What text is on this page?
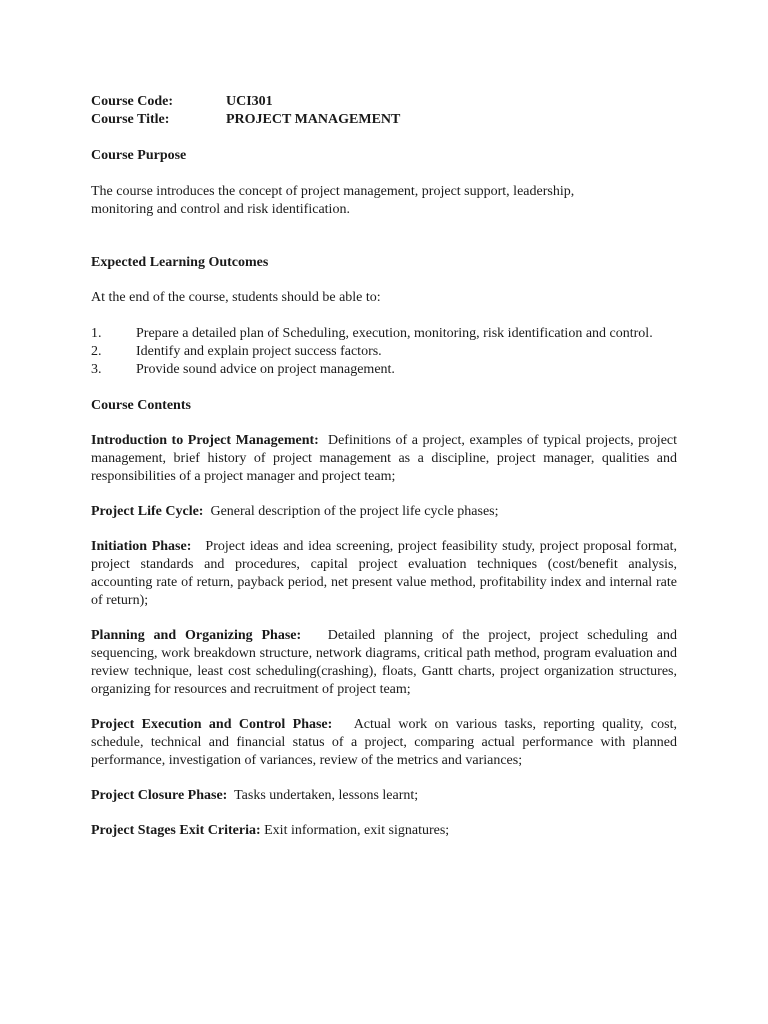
Course Code:	UCI301
Course Title:	PROJECT MANAGEMENT
Course Purpose
The course introduces the concept of project management, project support, leadership,
monitoring and control and risk identification.
Expected Learning Outcomes
At the end of the course, students should be able to:
1. Prepare a detailed plan of Scheduling, execution, monitoring, risk identification and control.
2. Identify and explain project success factors.
3. Provide sound advice on project management.
Course Contents

Introduction to Project Management: Definitions of a project, examples of typical projects, project management, brief history of project management as a discipline, project manager, qualities and responsibilities of a project manager and project team;

Project Life Cycle: General description of the project life cycle phases;

Initiation Phase: Project ideas and idea screening, project feasibility study, project proposal format, project standards and procedures, capital project evaluation techniques (cost/benefit analysis, accounting rate of return, payback period, net present value method, profitability index and internal rate of return);

Planning and Organizing Phase: Detailed planning of the project, project scheduling and sequencing, work breakdown structure, network diagrams, critical path method, program evaluation and review technique, least cost scheduling(crashing), floats, Gantt charts, project organization structures, organizing for resources and recruitment of project team;

Project Execution and Control Phase: Actual work on various tasks, reporting quality, cost, schedule, technical and financial status of a project, comparing actual performance with planned performance, investigation of variances, review of the metrics and variances;

Project Closure Phase: Tasks undertaken, lessons learnt;

Project Stages Exit Criteria: Exit information, exit signatures;
